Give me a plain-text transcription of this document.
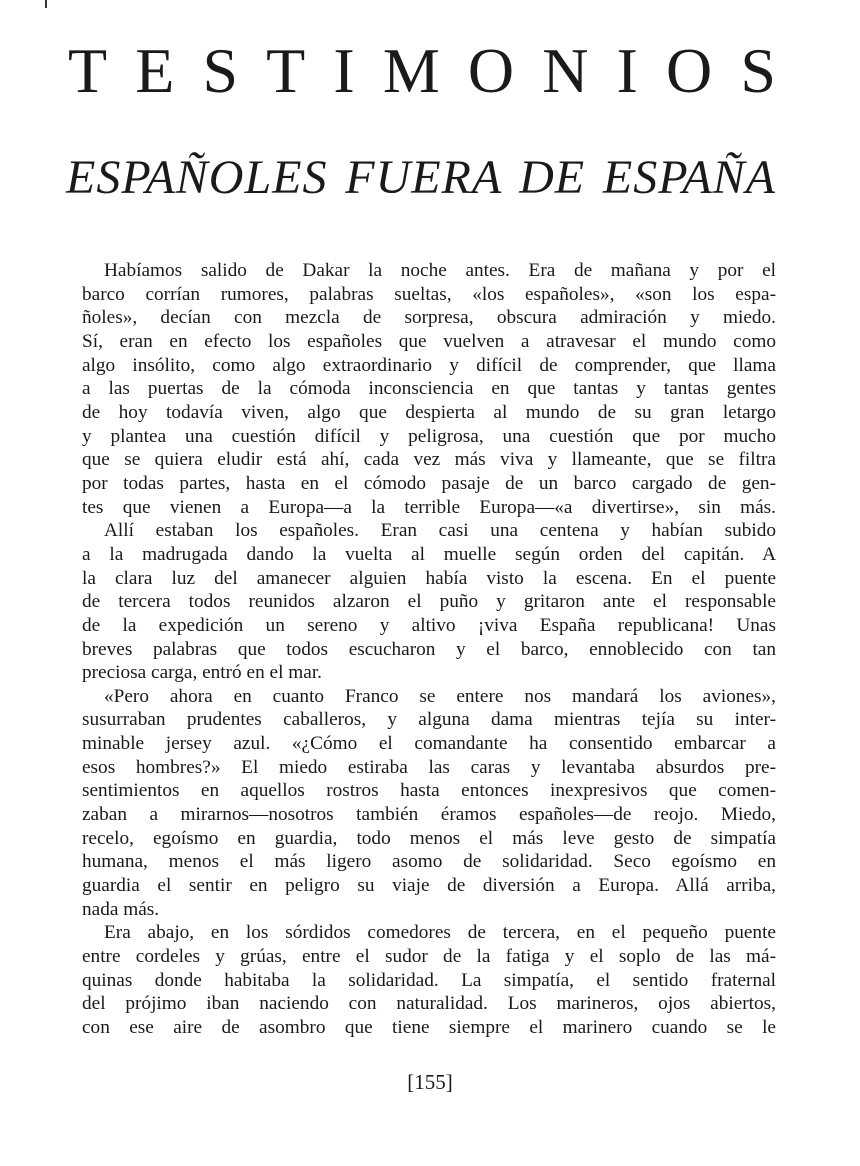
T E S T I M O N I O S
ESPAÑOLES FUERA DE ESPAÑA
Habíamos salido de Dakar la noche antes. Era de mañana y por el
barco corrían rumores, palabras sueltas, «los españoles», «son los espa-
ñoles», decían con mezcla de sorpresa, obscura admiración y miedo.
Sí, eran en efecto los españoles que vuelven a atravesar el mundo como
algo insólito, como algo extraordinario y difícil de comprender, que llama
a las puertas de la cómoda inconsciencia en que tantas y tantas gentes
de hoy todavía viven, algo que despierta al mundo de su gran letargo
y plantea una cuestión difícil y peligrosa, una cuestión que por mucho
que se quiera eludir está ahí, cada vez más viva y llameante, que se filtra
por todas partes, hasta en el cómodo pasaje de un barco cargado de gen-
tes que vienen a Europa—a la terrible Europa—«a divertirse», sin más.
Allí estaban los españoles. Eran casi una centena y habían subido
a la madrugada dando la vuelta al muelle según orden del capitán. A
la clara luz del amanecer alguien había visto la escena. En el puente
de tercera todos reunidos alzaron el puño y gritaron ante el responsable
de la expedición un sereno y altivo ¡viva España republicana! Unas
breves palabras que todos escucharon y el barco, ennoblecido con tan
preciosa carga, entró en el mar.
«Pero ahora en cuanto Franco se entere nos mandará los aviones»,
susurraban prudentes caballeros, y alguna dama mientras tejía su inter-
minable jersey azul. «¿Cómo el comandante ha consentido embarcar a
esos hombres?» El miedo estiraba las caras y levantaba absurdos pre-
sentimientos en aquellos rostros hasta entonces inexpresivos que comen-
zaban a mirarnos—nosotros también éramos españoles—de reojo. Miedo,
recelo, egoísmo en guardia, todo menos el más leve gesto de simpatía
humana, menos el más ligero asomo de solidaridad. Seco egoísmo en
guardia el sentir en peligro su viaje de diversión a Europa. Allá arriba,
nada más.
Era abajo, en los sórdidos comedores de tercera, en el pequeño puente
entre cordeles y grúas, entre el sudor de la fatiga y el soplo de las má-
quinas donde habitaba la solidaridad. La simpatía, el sentido fraternal
del prójimo iban naciendo con naturalidad. Los marineros, ojos abiertos,
con ese aire de asombro que tiene siempre el marinero cuando se le
[155]
